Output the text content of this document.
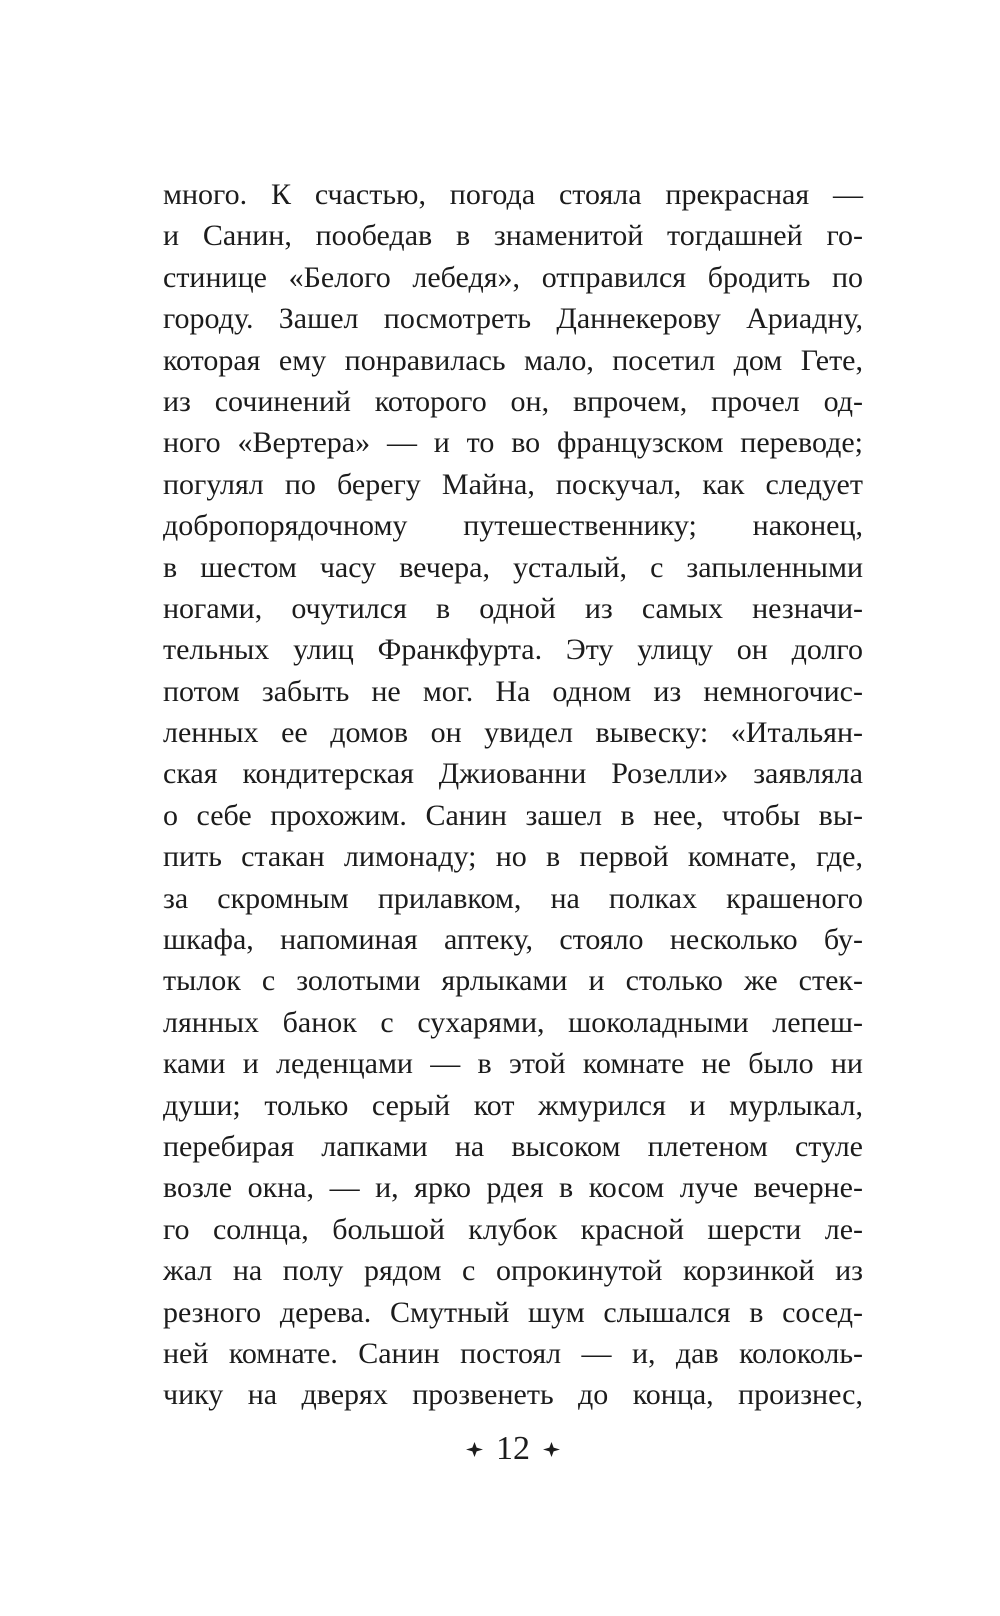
много. К счастью, погода стояла прекрасная —
и Санин, пообедав в знаменитой тогдашней го-
стинице «Белого лебедя», отправился бродить по
городу. Зашел посмотреть Даннекерову Ариадну,
которая ему понравилась мало, посетил дом Гете,
из сочинений которого он, впрочем, прочел од-
ного «Вертера» — и то во французском переводе;
погулял по берегу Майна, поскучал, как следует
добропорядочному путешественнику; наконец,
в шестом часу вечера, усталый, с запыленными
ногами, очутился в одной из самых незначи-
тельных улиц Франкфурта. Эту улицу он долго
потом забыть не мог. На одном из немногочис-
ленных ее домов он увидел вывеску: «Итальян-
ская кондитерская Джиованни Розелли» заявляла
о себе прохожим. Санин зашел в нее, чтобы вы-
пить стакан лимонаду; но в первой комнате, где,
за скромным прилавком, на полках крашеного
шкафа, напоминая аптеку, стояло несколько бу-
тылок с золотыми ярлыками и столько же стек-
лянных банок с сухарями, шоколадными лепеш-
ками и леденцами — в этой комнате не было ни
души; только серый кот жмурился и мурлыкал,
перебирая лапками на высоком плетеном стуле
возле окна, — и, ярко рдея в косом луче вечерне-
го солнца, большой клубок красной шерсти ле-
жал на полу рядом с опрокинутой корзинкой из
резного дерева. Смутный шум слышался в сосед-
ней комнате. Санин постоял — и, дав колоколь-
чику на дверях прозвенеть до конца, произнес,
12
